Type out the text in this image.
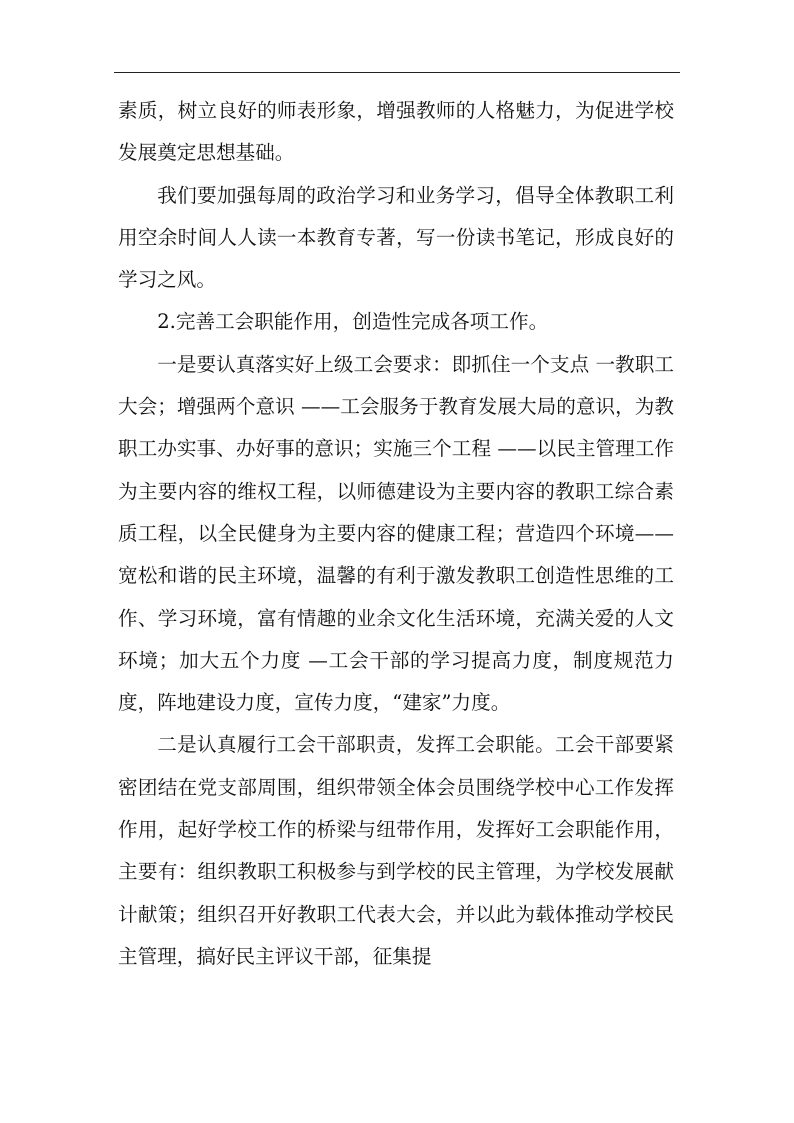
素质，树立良好的师表形象，增强教师的人格魅力，为促进学校发展奠定思想基础。

我们要加强每周的政治学习和业务学习，倡导全体教职工利用空余时间人人读一本教育专著，写一份读书笔记，形成良好的学习之风。

2.完善工会职能作用，创造性完成各项工作。

一是要认真落实好上级工会要求：即抓住一个支点 一教职工大会；增强两个意识 ——工会服务于教育发展大局的意识，为教职工办实事、办好事的意识；实施三个工程 ——以民主管理工作为主要内容的维权工程，以师德建设为主要内容的教职工综合素质工程，以全民健身为主要内容的健康工程；营造四个环境——宽松和谐的民主环境，温馨的有利于激发教职工创造性思维的工作、学习环境，富有情趣的业余文化生活环境，充满关爱的人文环境；加大五个力度 —工会干部的学习提高力度，制度规范力度，阵地建设力度，宣传力度，“建家”力度。

二是认真履行工会干部职责，发挥工会职能。工会干部要紧密团结在党支部周围，组织带领全体会员围绕学校中心工作发挥作用，起好学校工作的桥梁与纽带作用，发挥好工会职能作用，主要有：组织教职工积极参与到学校的民主管理，为学校发展献计献策；组织召开好教职工代表大会，并以此为载体推动学校民主管理，搞好民主评议干部，征集提
